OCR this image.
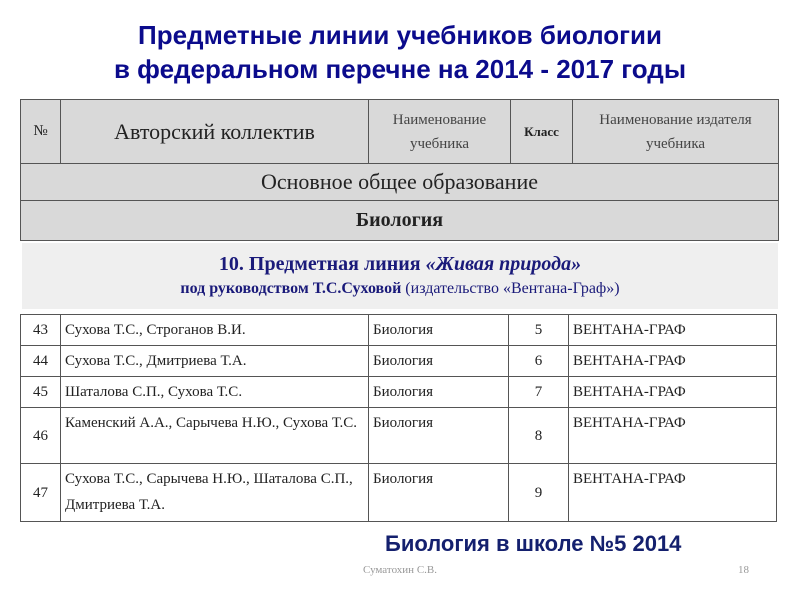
Предметные линии учебников биологии
в федеральном перечне на 2014 - 2017 годы
№	Авторский коллектив	Наименование учебника	Класс	Наименование издателя учебника
Основное общее образование
Биология
10. Предметная линия «Живая природа»
под руководством Т.С.Суховой (издательство «Вентана-Граф»)
43	Сухова Т.С., Строганов В.И.	Биология	5	ВЕНТАНА-ГРАФ
44	Сухова Т.С., Дмитриева Т.А.	Биология	6	ВЕНТАНА-ГРАФ
45	Шаталова С.П., Сухова Т.С.	Биология	7	ВЕНТАНА-ГРАФ
46	Каменский А.А., Сарычева Н.Ю., Сухова Т.С.	Биология	8	ВЕНТАНА-ГРАФ
47	Сухова Т.С., Сарычева Н.Ю., Шаталова С.П., Дмитриева Т.А.	Биология	9	ВЕНТАНА-ГРАФ
Биология в школе №5 2014
Суматохин С.В.	18
